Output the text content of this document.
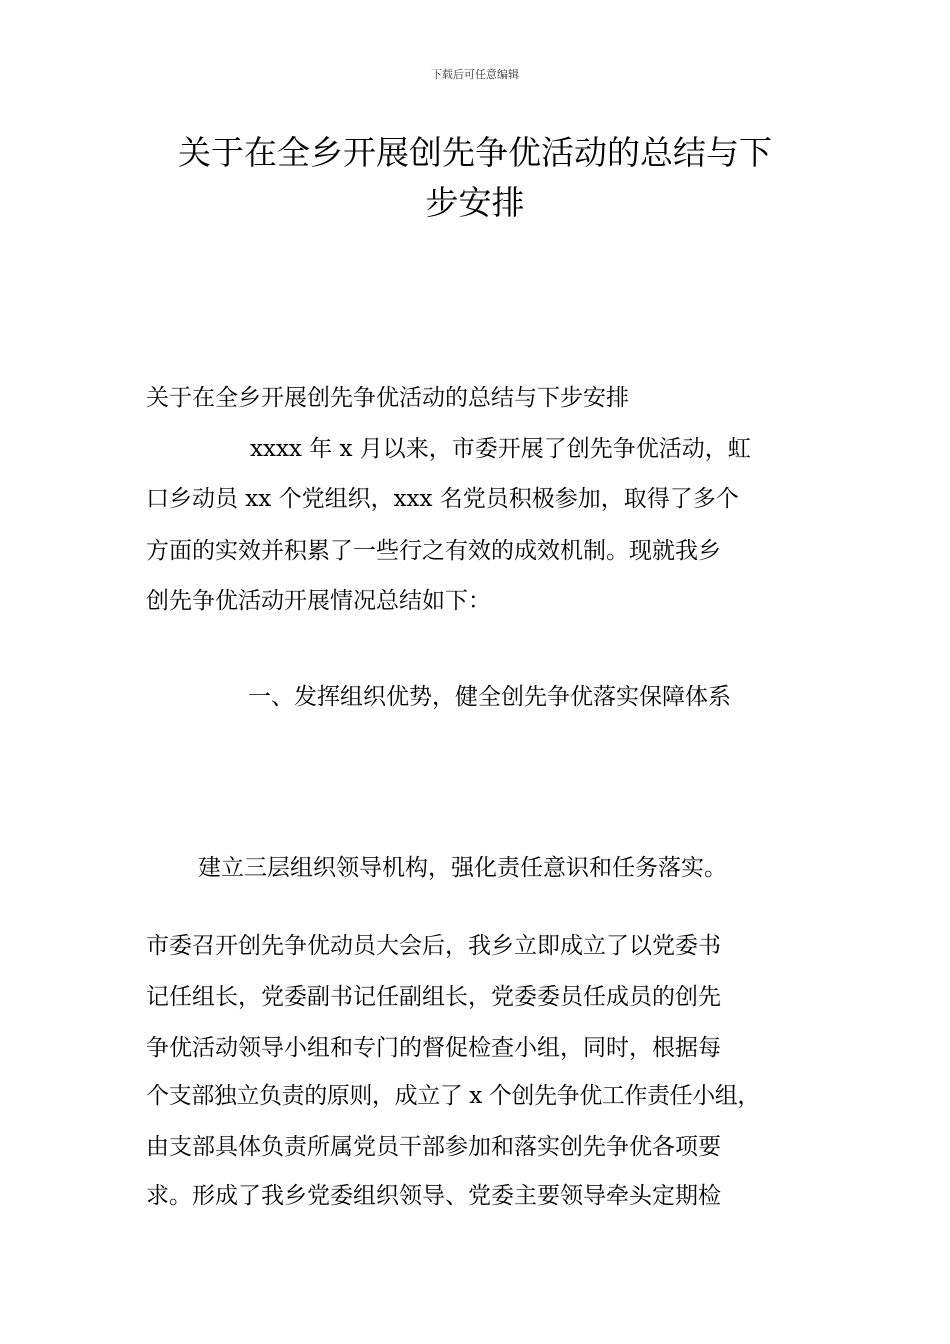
下载后可任意编辑
关于在全乡开展创先争优活动的总结与下
步安排

关于在全乡开展创先争优活动的总结与下步安排

xxxx 年 x 月以来，市委开展了创先争优活动，虹

口乡动员 xx 个党组织，xxx 名党员积极参加，取得了多个

方面的实效并积累了一些行之有效的成效机制。现就我乡

创先争优活动开展情况总结如下：

一、发挥组织优势，健全创先争优落实保障体系

建立三层组织领导机构，强化责任意识和任务落实。

市委召开创先争优动员大会后，我乡立即成立了以党委书

记任组长，党委副书记任副组长，党委委员任成员的创先

争优活动领导小组和专门的督促检查小组，同时，根据每

个支部独立负责的原则，成立了 x 个创先争优工作责任小组，

由支部具体负责所属党员干部参加和落实创先争优各项要

求。形成了我乡党委组织领导、党委主要领导牵头定期检
